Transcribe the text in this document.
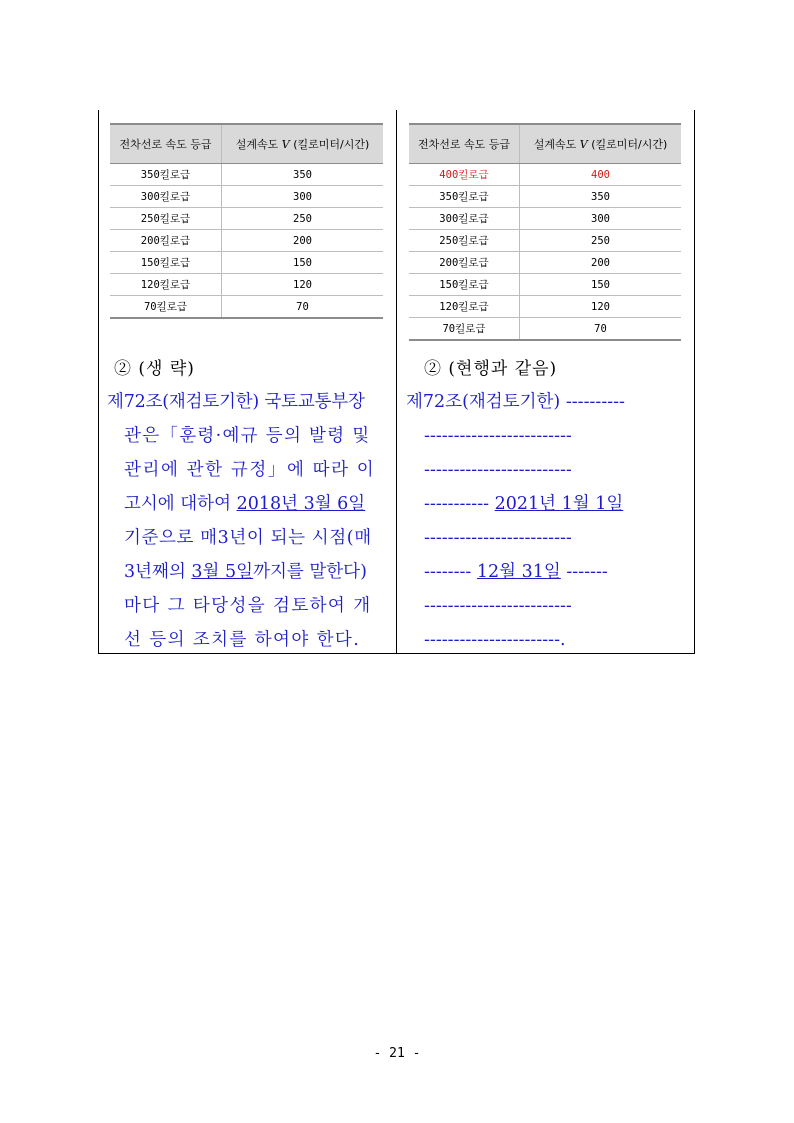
전차선로 속도 등급	설계속도 V (킬로미터/시간)
350킬로급	350
300킬로급	300
250킬로급	250
200킬로급	200
150킬로급	150
120킬로급	120
70킬로급	70
전차선로 속도 등급	설계속도 V (킬로미터/시간)
400킬로급	400
350킬로급	350
300킬로급	300
250킬로급	250
200킬로급	200
150킬로급	150
120킬로급	120
70킬로급	70
② (생 략)	② (현행과 같음)
제72조(재검토기한) 국토교통부장
관은「훈령·예규 등의 발령 및
관리에 관한 규정」에 따라 이
고시에 대하여 2018년 3월 6일
기준으로 매3년이 되는 시점(매
3년째의 3월 5일까지를 말한다)
마다 그 타당성을 검토하여 개
선 등의 조치를 하여야 한다.
제72조(재검토기한) ----------
-------------------------
-------------------------
----------- 2021년 1월 1일
-------------------------
-------- 12월 31일 -------
-------------------------
-----------------------.
- 21 -
